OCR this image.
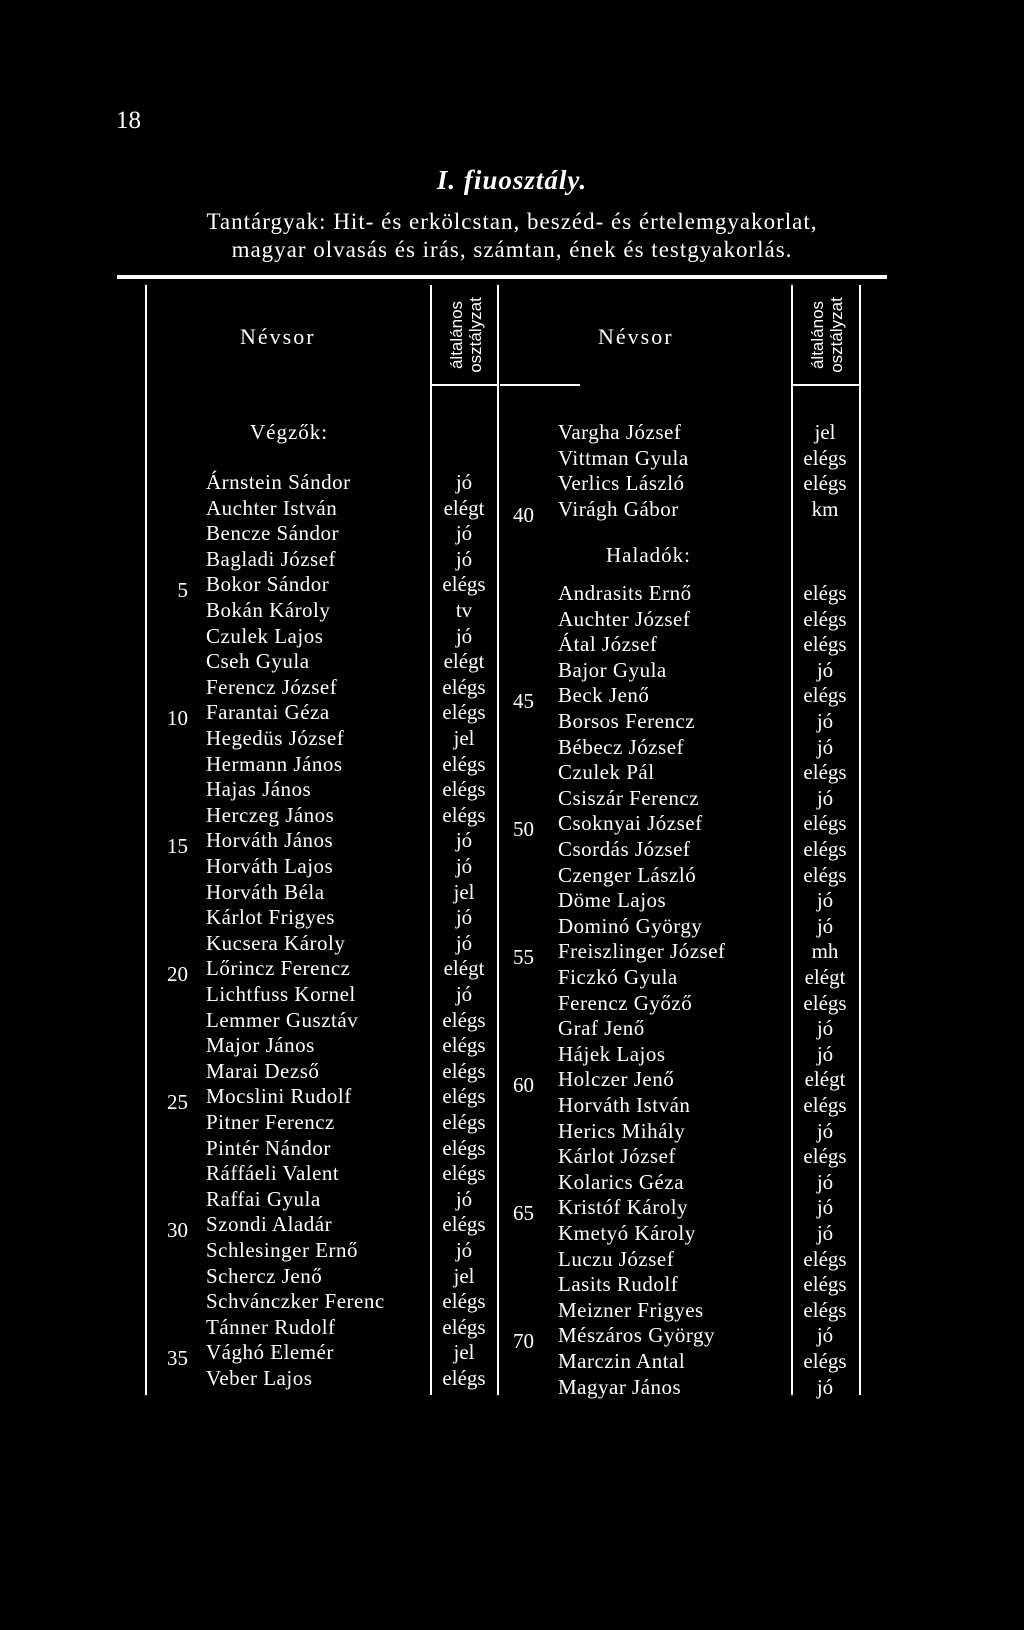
18
I. fiuosztály.
Tantárgyak: Hit- és erkölcstan, beszéd- és értelemgyakorlat,
magyar olvasás és irás, számtan, ének és testgyakorlás.
Névsor	általános osztályzat	Névsor	általános osztályzat
Végzők:
Haladók:
Árnstein Sándor	jó
Auchter István	elégt
Bencze Sándor	jó
Bagladi József	jó
5 Bokor Sándor	elégs
Bokán Károly	tv
Czulek Lajos	jó
Cseh Gyula	elégt
Ferencz József	elégs
10 Farantai Géza	elégs
Hegedüs József	jel
Hermann János	elégs
Hajas János	elégs
Herczeg János	elégs
15 Horváth János	jó
Horváth Lajos	jó
Horváth Béla	jel
Kárlot Frigyes	jó
Kucsera Károly	jó
20 Lőrincz Ferencz	elégt
Lichtfuss Kornel	jó
Lemmer Gusztáv	elégs
Major János	elégs
Marai Dezső	elégs
25 Mocslini Rudolf	elégs
Pitner Ferencz	elégs
Pintér Nándor	elégs
Ráffáeli Valent	elégs
Raffai Gyula	jó
30 Szondi Aladár	elégs
Schlesinger Ernő	jó
Schercz Jenő	jel
Schvánczker Ferenc	elégs
Tánner Rudolf	elégs
35 Vághó Elemér	jel
Veber Lajos	elégs
Vargha József	jel
Vittman Gyula	elégs
Verlics László	elégs
40 Virágh Gábor	km
Andrasits Ernő	elégs
Auchter József	elégs
Átal József	elégs
Bajor Gyula	jó
45 Beck Jenő	elégs
Borsos Ferencz	jó
Bébecz József	jó
Czulek Pál	elégs
Csiszár Ferencz	jó
50 Csoknyai József	elégs
Csordás József	elégs
Czenger László	elégs
Döme Lajos	jó
Dominó György	jó
55 Freiszlinger József	mh
Ficzkó Gyula	elégt
Ferencz Győző	elégs
Graf Jenő	jó
Hájek Lajos	jó
60 Holczer Jenő	elégt
Horváth István	elégs
Herics Mihály	jó
Kárlot József	elégs
Kolarics Géza	jó
65 Kristóf Károly	jó
Kmetyó Károly	jó
Luczu József	elégs
Lasits Rudolf	elégs
Meizner Frigyes	elégs
70 Mészáros György	jó
Marczin Antal	elégs
Magyar János	jó
